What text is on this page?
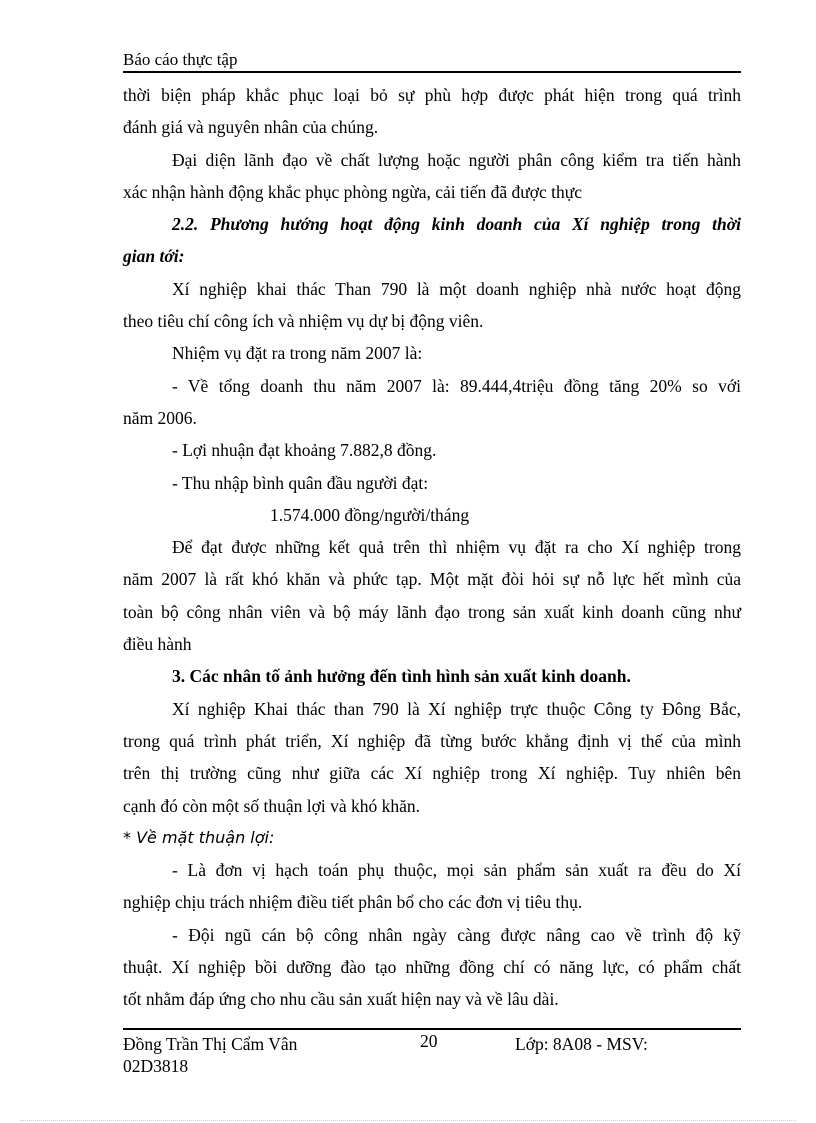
Báo cáo thực tập
thời biện pháp khắc phục loại bỏ sự phù hợp được phát hiện trong quá trình
đánh giá và nguyên nhân của chúng.
Đại diện lãnh đạo về chất lượng hoặc người phân công kiểm tra tiến hành
xác nhận hành động khắc phục phòng ngừa, cải tiến đã được thực
2.2. Phương hướng hoạt động kinh doanh của Xí nghiệp trong thời
gian tới:
Xí nghiệp khai thác Than 790 là một doanh nghiệp nhà nước hoạt động
theo tiêu chí công ích và nhiệm vụ dự bị động viên.
Nhiệm vụ đặt ra trong năm 2007 là:
- Về tổng doanh thu năm 2007 là: 89.444,4triệu đồng tăng 20% so với
năm 2006.
- Lợi nhuận đạt khoảng 7.882,8 đồng.
- Thu nhập bình quân đầu người đạt:
1.574.000 đồng/người/tháng
Để đạt được những kết quả trên thì nhiệm vụ đặt ra cho Xí nghiệp trong
năm 2007 là rất khó khăn và phức tạp. Một mặt đòi hỏi sự nỗ lực hết mình của
toàn bộ công nhân viên và bộ máy lãnh đạo trong sản xuất kinh doanh cũng như
điều hành
3. Các nhân tố ảnh hưởng đến tình hình sản xuất kinh doanh.
Xí nghiệp Khai thác than 790 là Xí nghiệp trực thuộc Công ty Đông Bắc,
trong quá trình phát triển, Xí nghiệp đã từng bước khẳng định vị thế của mình
trên thị trường cũng như giữa các Xí nghiệp trong Xí nghiệp. Tuy nhiên bên
cạnh đó còn một số thuận lợi và khó khăn.
* Về mặt thuận lợi:
- Là đơn vị hạch toán phụ thuộc, mọi sản phẩm sản xuất ra đều do Xí
nghiệp chịu trách nhiệm điều tiết phân bổ cho các đơn vị tiêu thụ.
- Đội ngũ cán bộ công nhân ngày càng được nâng cao về trình độ kỹ
thuật. Xí nghiệp bồi dưỡng đào tạo những đồng chí có năng lực, có phẩm chất
tốt nhằm đáp ứng cho nhu cầu sản xuất hiện nay và về lâu dài.
Đồng Trần Thị Cẩm Vân	20	Lớp: 8A08 - MSV:
02D3818
